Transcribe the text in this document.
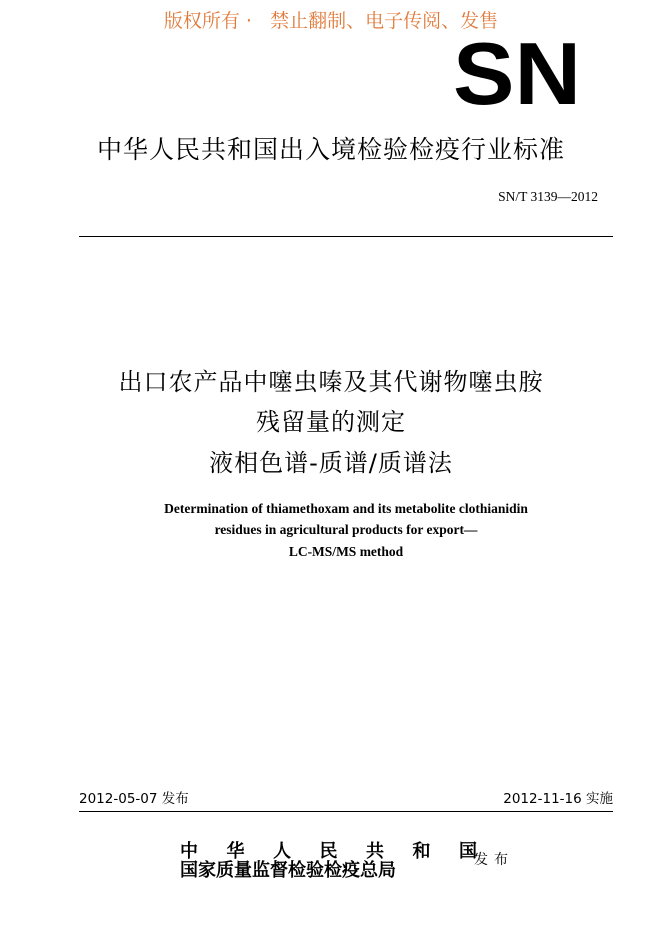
版权所有 ·   禁止翻制、电子传阅、发售
SN
中华人民共和国出入境检验检疫行业标准
SN/T 3139—2012
出口农产品中噻虫嗪及其代谢物噻虫胺
残留量的测定
液相色谱-质谱/质谱法
Determination of thiamethoxam and its metabolite clothianidin
residues in agricultural products for export—
LC-MS/MS method
2012-05-07 发布	2012-11-16 实施
中 华 人 民 共 和 国
国家质量监督检验检疫总局	发布
